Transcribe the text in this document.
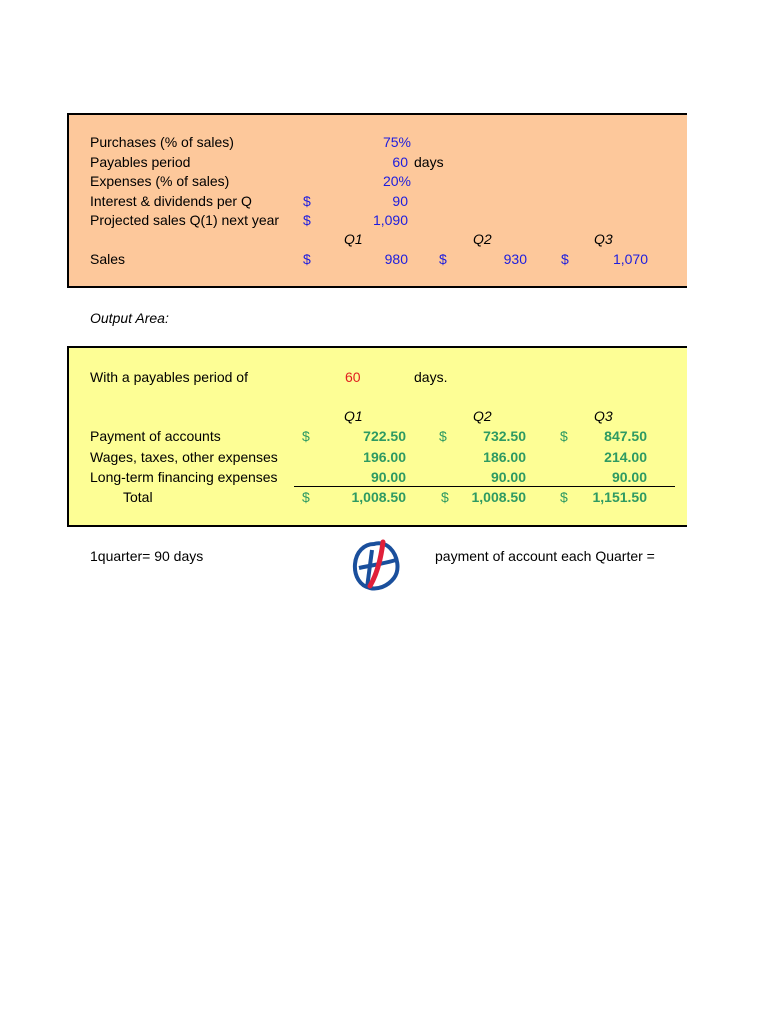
Purchases (% of sales)	75%
Payables period	60 days
Expenses (% of sales)	20%
Interest & dividends per Q	$	90
Projected sales Q(1) next year $	1,090
Q1	Q2	Q3
Sales	$	980 $	930 $	1,070
Output Area:
With a payables period of	60	days.
Q1	Q2	Q3
Payment of accounts	$	722.50 $	732.50 $	847.50
Wages, taxes, other expenses	196.00	186.00	214.00
Long-term financing expenses	90.00	90.00	90.00
Total	$	1,008.50	$	1,008.50 $	1,151.50
1quarter= 90 days	payment of account each Quarter =
